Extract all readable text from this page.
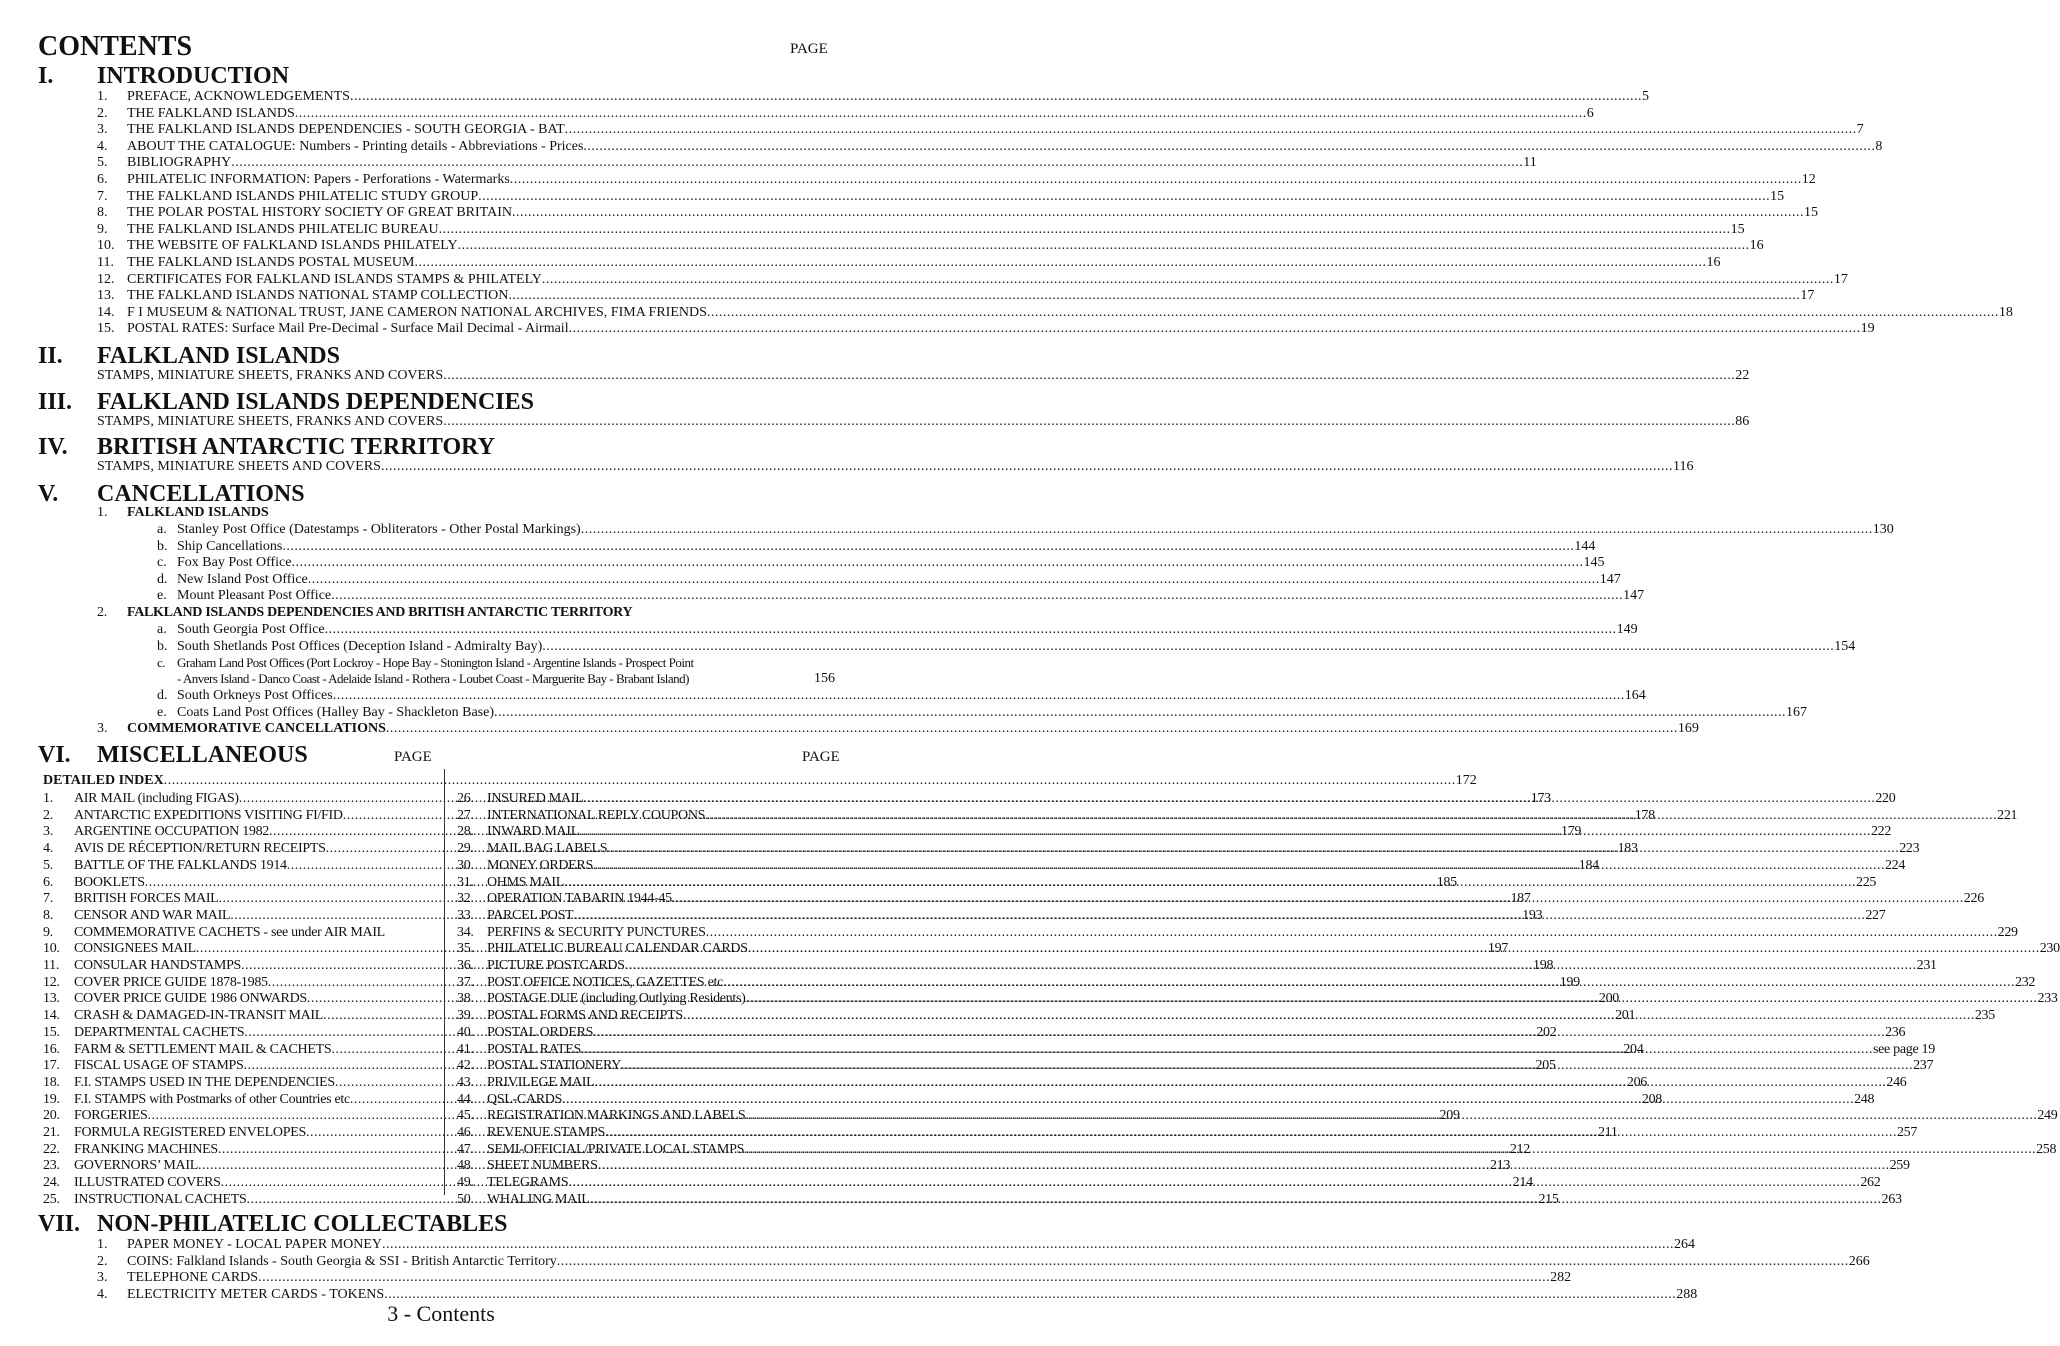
CONTENTS	PAGE
I. INTRODUCTION
1.	PREFACE, ACKNOWLEDGEMENTS .....	5
2.	THE FALKLAND ISLANDS .....	6
3.	THE FALKLAND ISLANDS DEPENDENCIES - SOUTH GEORGIA - BAT .....	7
4.	ABOUT THE CATALOGUE: Numbers - Printing details - Abbreviations - Prices .....	8
5.	BIBLIOGRAPHY .....	11
6.	PHILATELIC INFORMATION: Papers - Perforations - Watermarks .....	12
7.	THE FALKLAND ISLANDS PHILATELIC STUDY GROUP .....	15
8.	THE POLAR POSTAL HISTORY SOCIETY OF GREAT BRITAIN .....	15
9.	THE FALKLAND ISLANDS PHILATELIC BUREAU .....	15
10. THE WEBSITE OF FALKLAND ISLANDS PHILATELY .....	16
11. THE FALKLAND ISLANDS POSTAL MUSEUM .....	16
12. CERTIFICATES FOR FALKLAND ISLANDS STAMPS & PHILATELY .....	17
13. THE FALKLAND ISLANDS NATIONAL STAMP COLLECTION .....	17
14. F I MUSEUM & NATIONAL TRUST, JANE CAMERON NATIONAL ARCHIVES, FIMA FRIENDS .....	18
15. POSTAL RATES: Surface Mail Pre-Decimal - Surface Mail Decimal - Airmail .....	19
II. FALKLAND ISLANDS
STAMPS, MINIATURE SHEETS, FRANKS AND COVERS .....	22
III. FALKLAND ISLANDS DEPENDENCIES
STAMPS, MINIATURE SHEETS, FRANKS AND COVERS .....	86
IV. BRITISH ANTARCTIC TERRITORY
STAMPS, MINIATURE SHEETS AND COVERS .....	116
V. CANCELLATIONS
1.	FALKLAND ISLANDS
a. Stanley Post Office (Datestamps - Obliterators - Other Postal Markings) .....	130
b. Ship Cancellations .....	144
c. Fox Bay Post Office .....	145
d. New Island Post Office .....	147
e. Mount Pleasant Post Office .....	147
2.	FALKLAND ISLANDS DEPENDENCIES AND BRITISH ANTARCTIC TERRITORY
a. South Georgia Post Office .....	149
b. South Shetlands Post Offices (Deception Island - Admiralty Bay) .....	154
c. Graham Land Post Offices (Port Lockroy - Hope Bay - Stonington Island - Argentine Islands - Prospect Point
- Anvers Island - Danco Coast - Adelaide Island - Rothera - Loubet Coast - Marguerite Bay - Brabant Island)	156
d. South Orkneys Post Offices .....	164
e. Coats Land Post Offices (Halley Bay - Shackleton Base) .....	167
3.	COMMEMORATIVE CANCELLATIONS .....	169
VI. MISCELLANEOUS	PAGE	PAGE
DETAILED INDEX .....	172
1.	AIR MAIL (including FIGAS) .....	173
2.	ANTARCTIC EXPEDITIONS VISITING FI/FID .....	178
3.	ARGENTINE OCCUPATION 1982 .....	179
4.	AVIS DE RÉCEPTION/RETURN RECEIPTS .....	183
5.	BATTLE OF THE FALKLANDS 1914 .....	184
6.	BOOKLETS .....	185
7.	BRITISH FORCES MAIL .....	187
8.	CENSOR AND WAR MAIL .....	193
9.	COMMEMORATIVE CACHETS - see under AIR MAIL
10.	CONSIGNEES MAIL .....	197
11.	CONSULAR HANDSTAMPS .....	198
12.	COVER PRICE GUIDE 1878-1985 .....	199
13.	COVER PRICE GUIDE 1986 ONWARDS .....	200
14.	CRASH & DAMAGED-IN-TRANSIT MAIL .....	201
15.	DEPARTMENTAL CACHETS .....	202
16.	FARM & SETTLEMENT MAIL & CACHETS .....	204
17.	FISCAL USAGE OF STAMPS .....	205
18.	F.I. STAMPS USED IN THE DEPENDENCIES .....	206
19.	F.I. STAMPS with Postmarks of other Countries etc .....	208
20.	FORGERIES .....	209
21.	FORMULA REGISTERED ENVELOPES .....	211
22.	FRANKING MACHINES .....	212
23.	GOVERNORS’ MAIL .....	213
24.	ILLUSTRATED COVERS .....	214
25.	INSTRUCTIONAL CACHETS .....	215
26. INSURED MAIL .....	220
27. INTERNATIONAL REPLY COUPONS .....	221
28. INWARD MAIL .....	222
29. MAIL BAG LABELS .....	223
30. MONEY ORDERS .....	224
31. OHMS MAIL .....	225
32. OPERATION TABARIN 1944-45 .....	226
33. PARCEL POST .....	227
34. PERFINS & SECURITY PUNCTURES .....	229
35. PHILATELIC BUREAU CALENDAR CARDS .....	230
36. PICTURE POSTCARDS .....	231
37. POST OFFICE NOTICES, GAZETTES etc .....	232
38. POSTAGE DUE (including Outlying Residents) .....	233
39. POSTAL FORMS AND RECEIPTS .....	235
40. POSTAL ORDERS .....	236
41. POSTAL RATES .....	see page 19
42. POSTAL STATIONERY .....	237
43. PRIVILEGE MAIL .....	246
44. QSL-CARDS .....	248
45. REGISTRATION MARKINGS AND LABELS .....	249
46. REVENUE STAMPS .....	257
47. SEMI-OFFICIAL/PRIVATE LOCAL STAMPS .....	258
48. SHEET NUMBERS .....	259
49. TELEGRAMS .....	262
50. WHALING MAIL .....	263
VII. NON-PHILATELIC COLLECTABLES
1.	PAPER MONEY - LOCAL PAPER MONEY .....	264
2.	COINS: Falkland Islands - South Georgia & SSI - British Antarctic Territory .....	266
3.	TELEPHONE CARDS .....	282
4.	ELECTRICITY METER CARDS - TOKENS .....	288
3 - Contents
